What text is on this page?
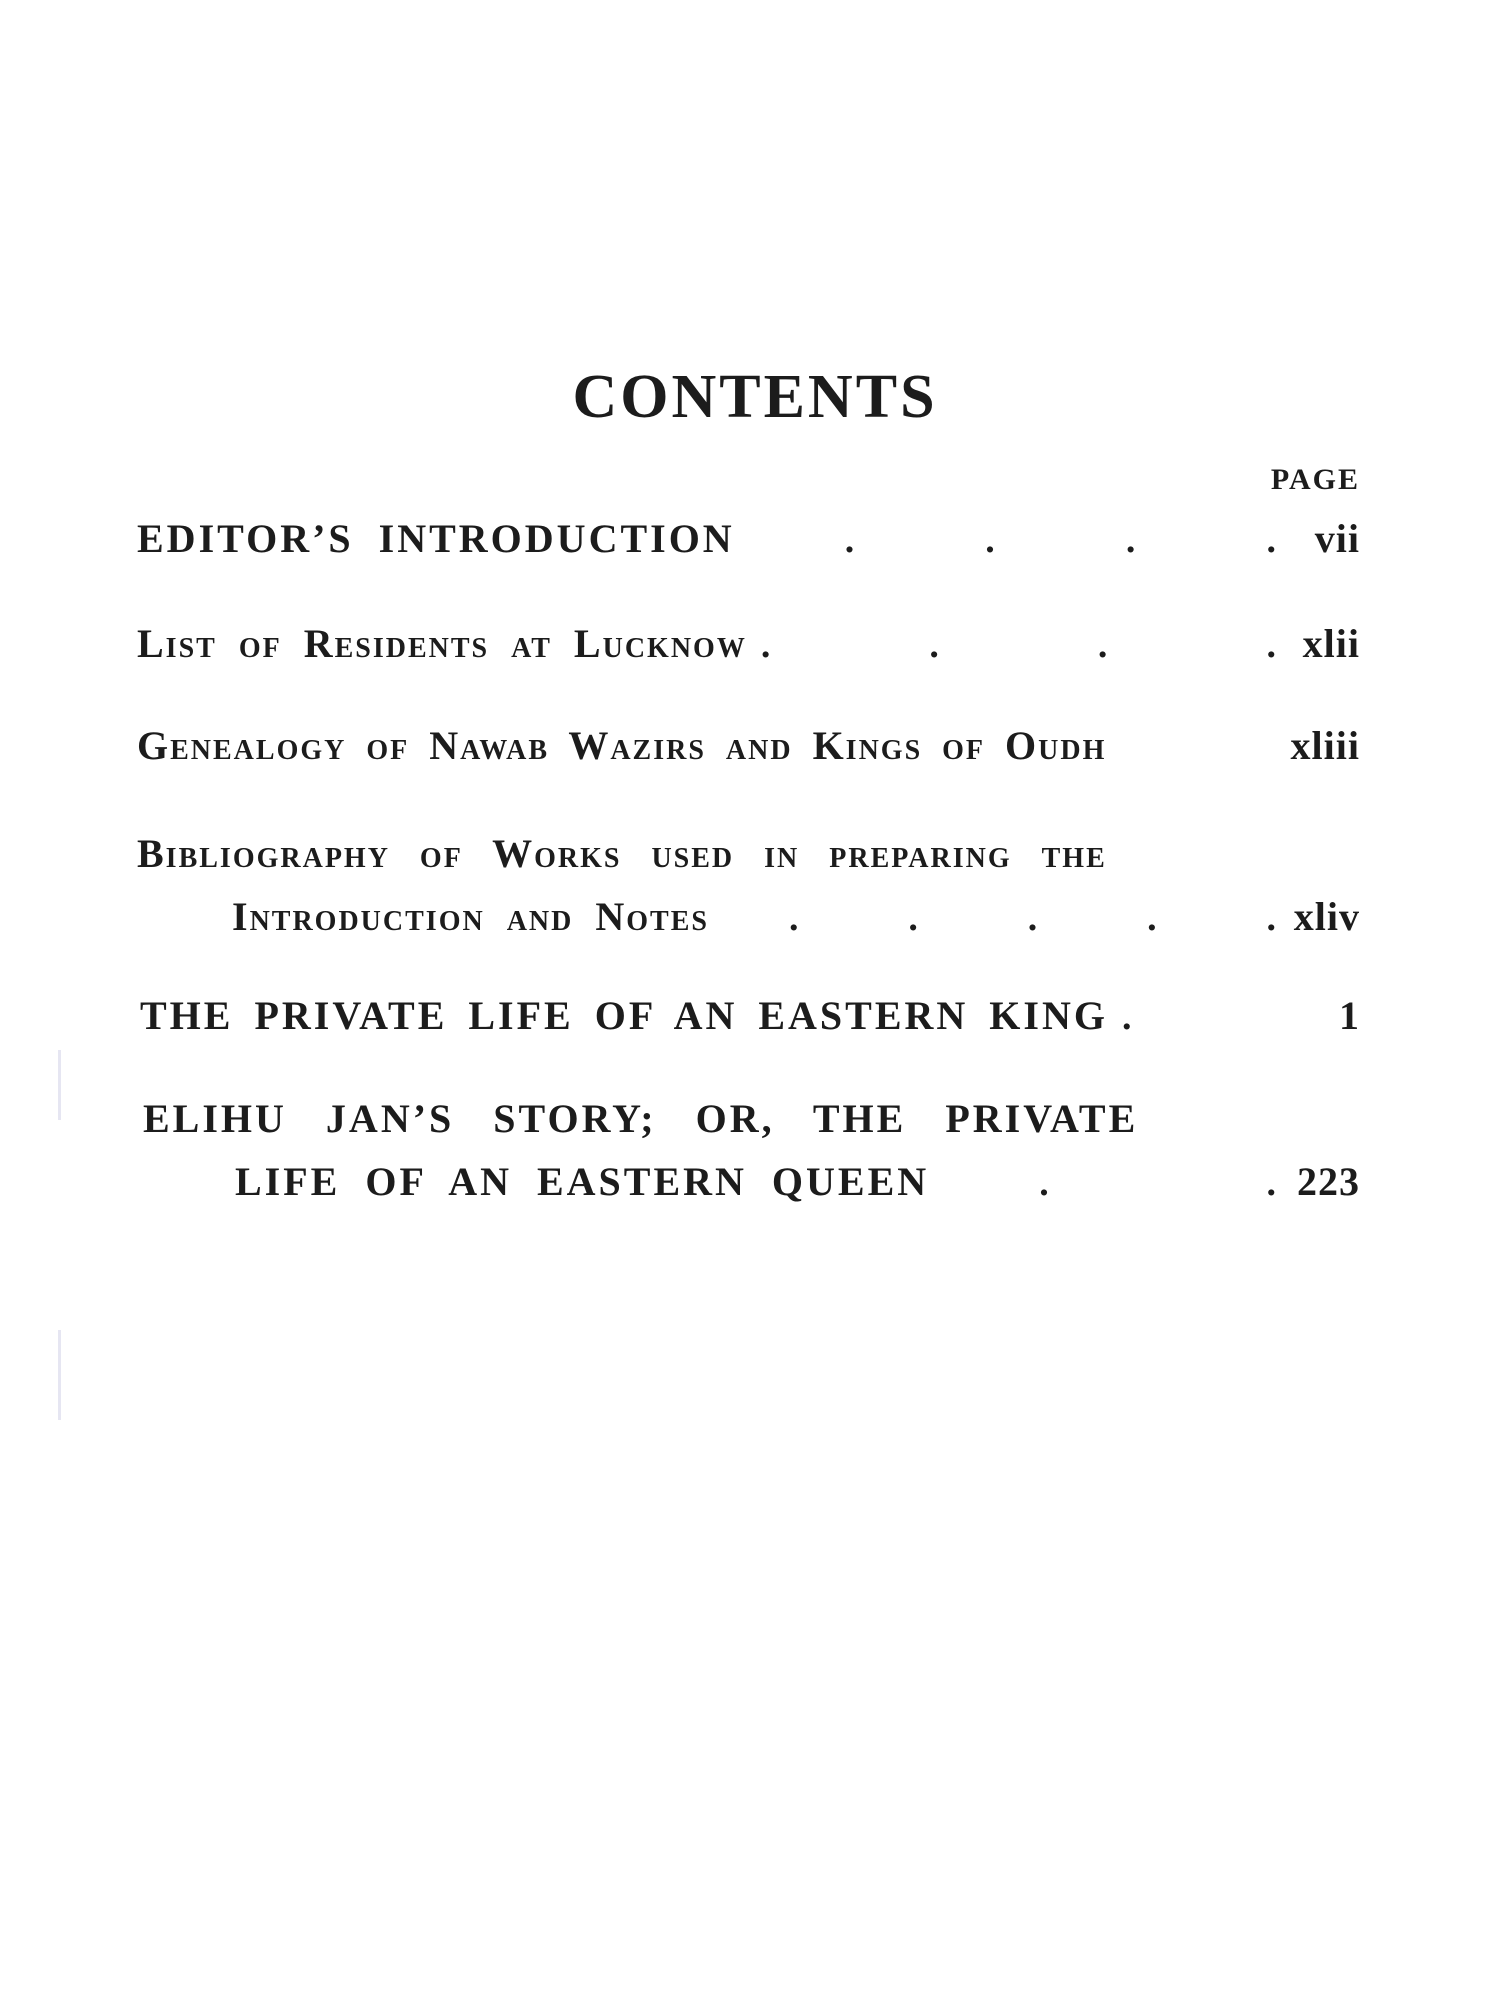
CONTENTS
PAGE
EDITOR’S INTRODUCTION	.	.	.	. vii
List of Residents at Lucknow .	.	.	. xlii
Genealogy of Nawab Wazirs and Kings of Oudh	xliii
Bibliography of Works used in preparing the
Introduction and Notes .	.	.	.	. xliv
THE PRIVATE LIFE OF AN EASTERN KING .	1
ELIHU JAN’S STORY; OR, THE PRIVATE
LIFE OF AN EASTERN QUEEN	.	. 223
